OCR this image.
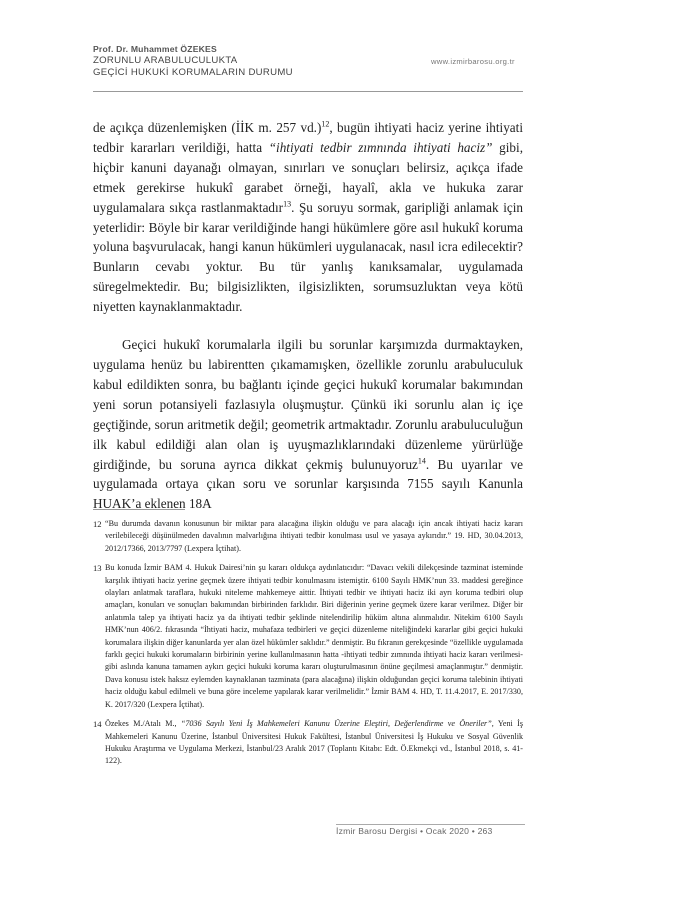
Prof. Dr. Muhammet ÖZEKES
ZORUNLU ARABULUCULUKTA
GEÇİCİ HUKUKİ KORUMALARIN DURUMU
www.izmirbarosu.org.tr

de açıkça düzenlemişken (İİK m. 257 vd.)$^{12}$, bugün ihtiyati haciz yerine ihtiyati tedbir kararları verildiği, hatta “ihtiyati tedbir zımnında ihtiyati haciz” gibi, hiçbir kanuni dayanağı olmayan, sınırları ve sonuçları belirsiz, açıkça ifade etmek gerekirse hukukî garabet örneği, hayalî, akla ve hukuka zarar uygulamalara sıkça rastlanmaktadır$^{13}$. Şu soruyu sormak, garipliği anlamak için yeterlidir: Böyle bir karar verildiğinde hangi hükümlere göre asıl hukukî koruma yoluna başvurulacak, hangi kanun hükümleri uygulanacak, nasıl icra edilecektir? Bunların cevabı yoktur. Bu tür yanlış kanıksamalar, uygulamada süregelmektedir. Bu; bilgisizlikten, ilgisizlikten, sorumsuzluktan veya kötü niyetten kaynaklanmaktadır.

Geçici hukukî korumalarla ilgili bu sorunlar karşımızda durmaktayken, uygulama henüz bu labirentten çıkamamışken, özellikle zorunlu arabuluculuk kabul edildikten sonra, bu bağlantı içinde geçici hukukî korumalar bakımından yeni sorun potansiyeli fazlasıyla oluşmuştur. Çünkü iki sorunlu alan iç içe geçtiğinde, sorun aritmetik değil; geometrik artmaktadır. Zorunlu arabuluculuğun ilk kabul edildiği alan olan iş uyuşmazlıklarındaki düzenleme yürürlüğe girdiğinde, bu soruna ayrıca dikkat çekmiş bulunuyoruz$^{14}$. Bu uyarılar ve uygulamada ortaya çıkan soru ve sorunlar karşısında 7155 sayılı Kanunla HUAK’a eklenen 18A

12 “Bu durumda davanın konusunun bir miktar para alacağına ilişkin olduğu ve para alacağı için ancak ihtiyati haciz kararı verilebileceği düşünülmeden davalının malvarlığına ihtiyati tedbir konulması usul ve yasaya aykırıdır.” 19. HD, 30.04.2013, 2012/17366, 2013/7797 (Lexpera İçtihat).
13 Bu konuda İzmir BAM 4. Hukuk Dairesi’nin şu kararı oldukça aydınlatıcıdır: “Davacı vekili dilekçesinde tazminat isteminde karşılık ihtiyati haciz yerine geçmek üzere ihtiyati tedbir konulmasını istemiştir. 6100 Sayılı HMK’nun 33. maddesi gereğince olayları anlatmak taraflara, hukuki niteleme mahkemeye aittir. İhtiyati tedbir ve ihtiyati haciz iki ayrı koruma tedbiri olup amaçları, konuları ve sonuçları bakımından birbirinden farklıdır. Biri diğerinin yerine geçmek üzere karar verilmez. Diğer bir anlatımla talep ya ihtiyati haciz ya da ihtiyati tedbir şeklinde nitelendirilip hüküm altına alınmalıdır. Nitekim 6100 Sayılı HMK’nun 406/2. fıkrasında “İhtiyati haciz, muhafaza tedbirleri ve geçici düzenleme niteliğindeki kararlar gibi geçici hukuki korumalara ilişkin diğer kanunlarda yer alan özel hükümler saklıdır.” denmiştir. Bu fıkranın gerekçesinde “özellikle uygulamada farklı geçici hukuki korumaların birbirinin yerine kullanılmasının hatta -ihtiyati tedbir zımnında ihtiyati haciz kararı verilmesi- gibi aslında kanuna tamamen aykırı geçici hukuki koruma kararı oluşturulmasının önüne geçilmesi amaçlanmıştır.” denmiştir. Dava konusu istek haksız eylemden kaynaklanan tazminata (para alacağına) ilişkin olduğundan geçici koruma talebinin ihtiyati haciz olduğu kabul edilmeli ve buna göre inceleme yapılarak karar verilmelidir.” İzmir BAM 4. HD, T. 11.4.2017, E. 2017/330, K. 2017/320 (Lexpera İçtihat).
14 Özekes M./Atalı M., “7036 Sayılı Yeni İş Mahkemeleri Kanunu Üzerine Eleştiri, Değerlendirme ve Öneriler”, Yeni İş Mahkemeleri Kanunu Üzerine, İstanbul Üniversitesi Hukuk Fakültesi, İstanbul Üniversitesi İş Hukuku ve Sosyal Güvenlik Hukuku Araştırma ve Uygulama Merkezi, İstanbul/23 Aralık 2017 (Toplantı Kitabı: Edt. Ö.Ekmekçi vd., İstanbul 2018, s. 41-122).
İzmir Barosu Dergisi • Ocak 2020 • 263
